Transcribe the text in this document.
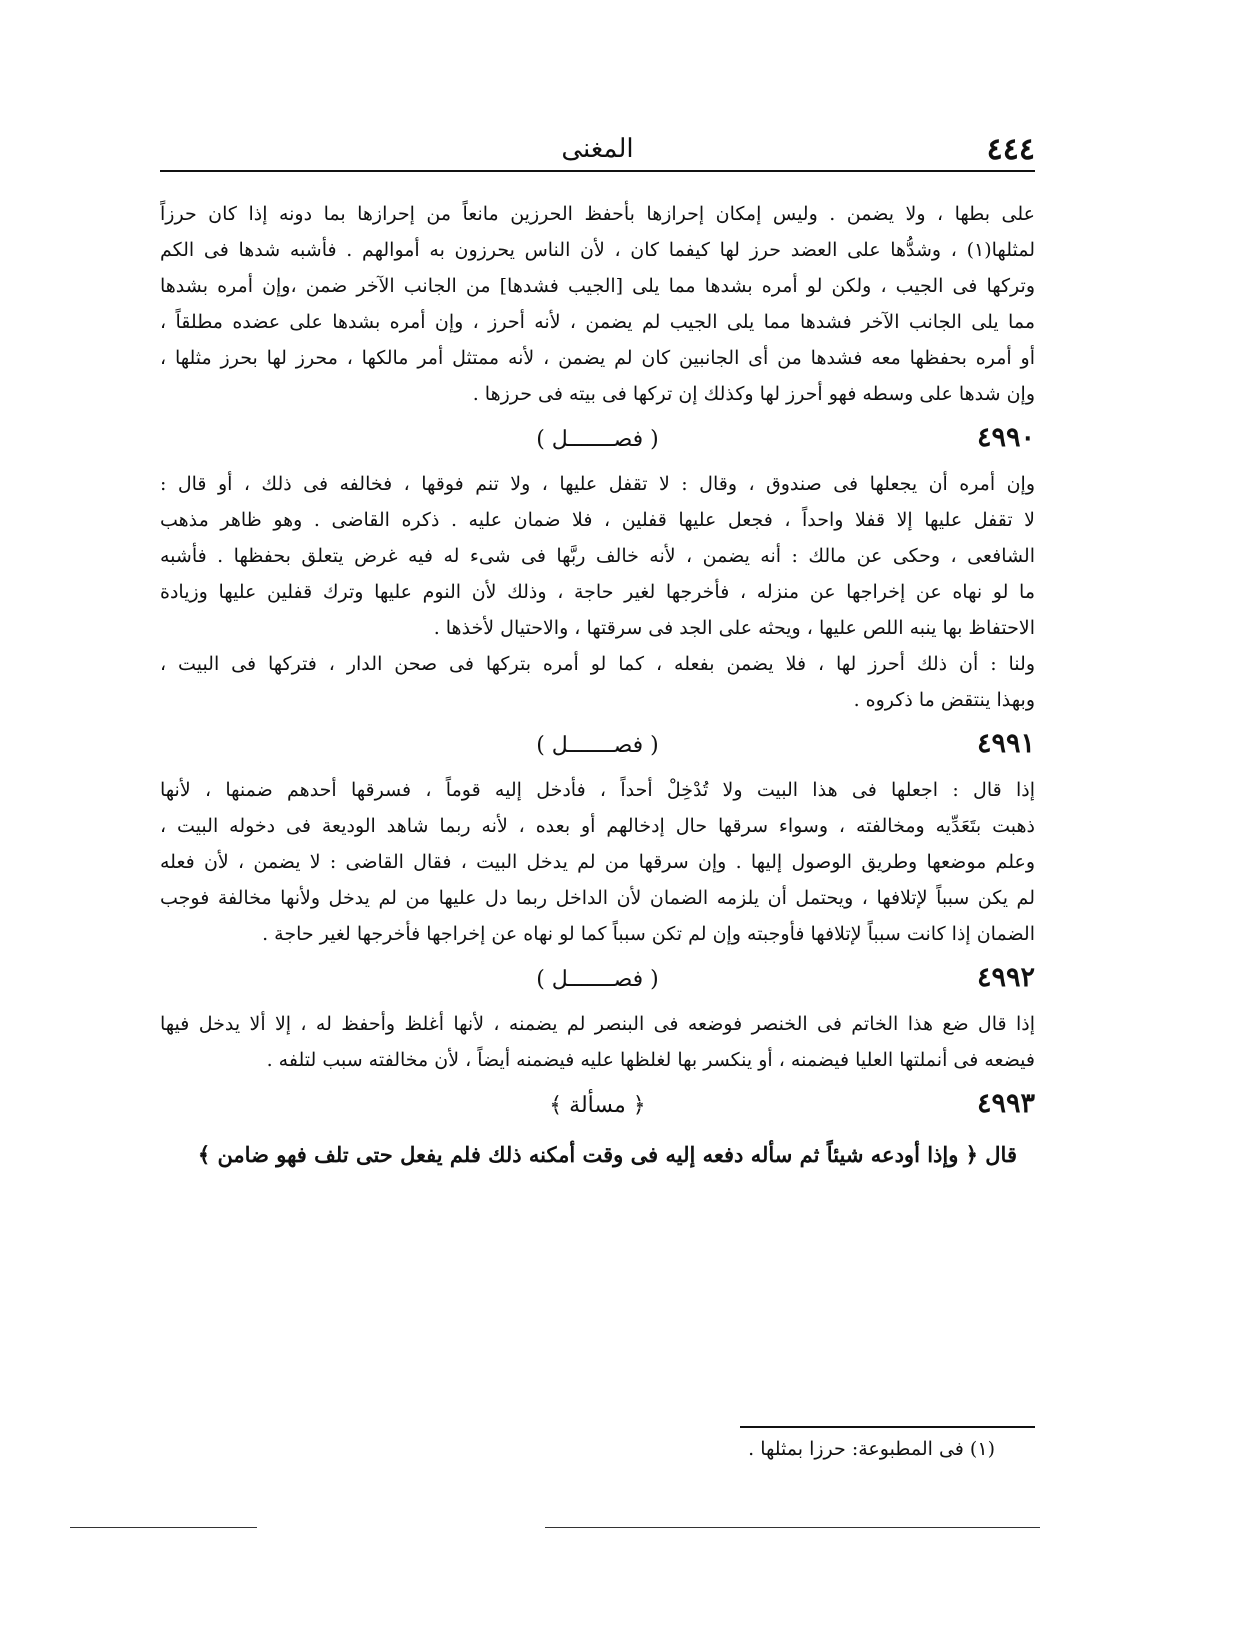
٤٤٤
المغنى
على بطها ، ولا يضمن . وليس إمكان إحرازها بأحفظ الحرزين مانعاً من إحرازها بما دونه إذا كان حرزاً
لمثلها(١) ، وشدُّها على العضد حرز لها كيفما كان ، لأن الناس يحرزون به أموالهم . فأشبه شدها فى الكم
وتركها فى الجيب ، ولكن لو أمره بشدها مما يلى [الجيب فشدها] من الجانب الآخر ضمن ،وإن أمره بشدها
مما يلى الجانب الآخر فشدها مما يلى الجيب لم يضمن ، لأنه أحرز ، وإن أمره بشدها على عضده مطلقاً ،
أو أمره بحفظها معه فشدها من أى الجانبين كان لم يضمن ، لأنه ممتثل أمر مالكها ، محرز لها بحرز مثلها ،
وإن شدها على وسطه فهو أحرز لها وكذلك إن تركها فى بيته فى حرزها .
٤٩٩٠
( فصـــــــل )
وإن أمره أن يجعلها فى صندوق ، وقال : لا تقفل عليها ، ولا تنم فوقها ، فخالفه فى ذلك ، أو قال :
لا تقفل عليها إلا قفلا واحداً ، فجعل عليها قفلين ، فلا ضمان عليه . ذكره القاضى . وهو ظاهر مذهب
الشافعى ، وحكى عن مالك : أنه يضمن ، لأنه خالف ربَّها فى شىء له فيه غرض يتعلق بحفظها . فأشبه
ما لو نهاه عن إخراجها عن منزله ، فأخرجها لغير حاجة ، وذلك لأن النوم عليها وترك قفلين عليها وزيادة
الاحتفاظ بها ينبه اللص عليها ، ويحثه على الجد فى سرقتها ، والاحتيال لأخذها .
ولنا : أن ذلك أحرز لها ، فلا يضمن بفعله ، كما لو أمره بتركها فى صحن الدار ، فتركها فى البيت ،
وبهذا ينتقض ما ذكروه .
٤٩٩١
( فصـــــــل )
إذا قال : اجعلها فى هذا البيت ولا تُدْخِلْ أحداً ، فأدخل إليه قوماً ، فسرقها أحدهم ضمنها ، لأنها
ذهبت بتَعَدِّيه ومخالفته ، وسواء سرقها حال إدخالهم أو بعده ، لأنه ربما شاهد الوديعة فى دخوله البيت ،
وعلم موضعها وطريق الوصول إليها . وإن سرقها من لم يدخل البيت ، فقال القاضى : لا يضمن ، لأن فعله
لم يكن سبباً لإتلافها ، ويحتمل أن يلزمه الضمان لأن الداخل ربما دل عليها من لم يدخل ولأنها مخالفة فوجب
الضمان إذا كانت سبباً لإتلافها فأوجبته وإن لم تكن سبباً كما لو نهاه عن إخراجها فأخرجها لغير حاجة .
٤٩٩٢
( فصـــــــل )
إذا قال ضع هذا الخاتم فى الخنصر فوضعه فى البنصر لم يضمنه ، لأنها أغلظ وأحفظ له ، إلا ألا يدخل فيها
فيضعه فى أنملتها العليا فيضمنه ، أو ينكسر بها لغلظها عليه فيضمنه أيضاً ، لأن مخالفته سبب لتلفه .
٤٩٩٣
﴿ مسألة ﴾
قال ﴿ وإذا أودعه شيئاً ثم سأله دفعه إليه فى وقت أمكنه ذلك فلم يفعل حتى تلف فهو ضامن ﴾
(١) فى المطبوعة: حرزا بمثلها .
